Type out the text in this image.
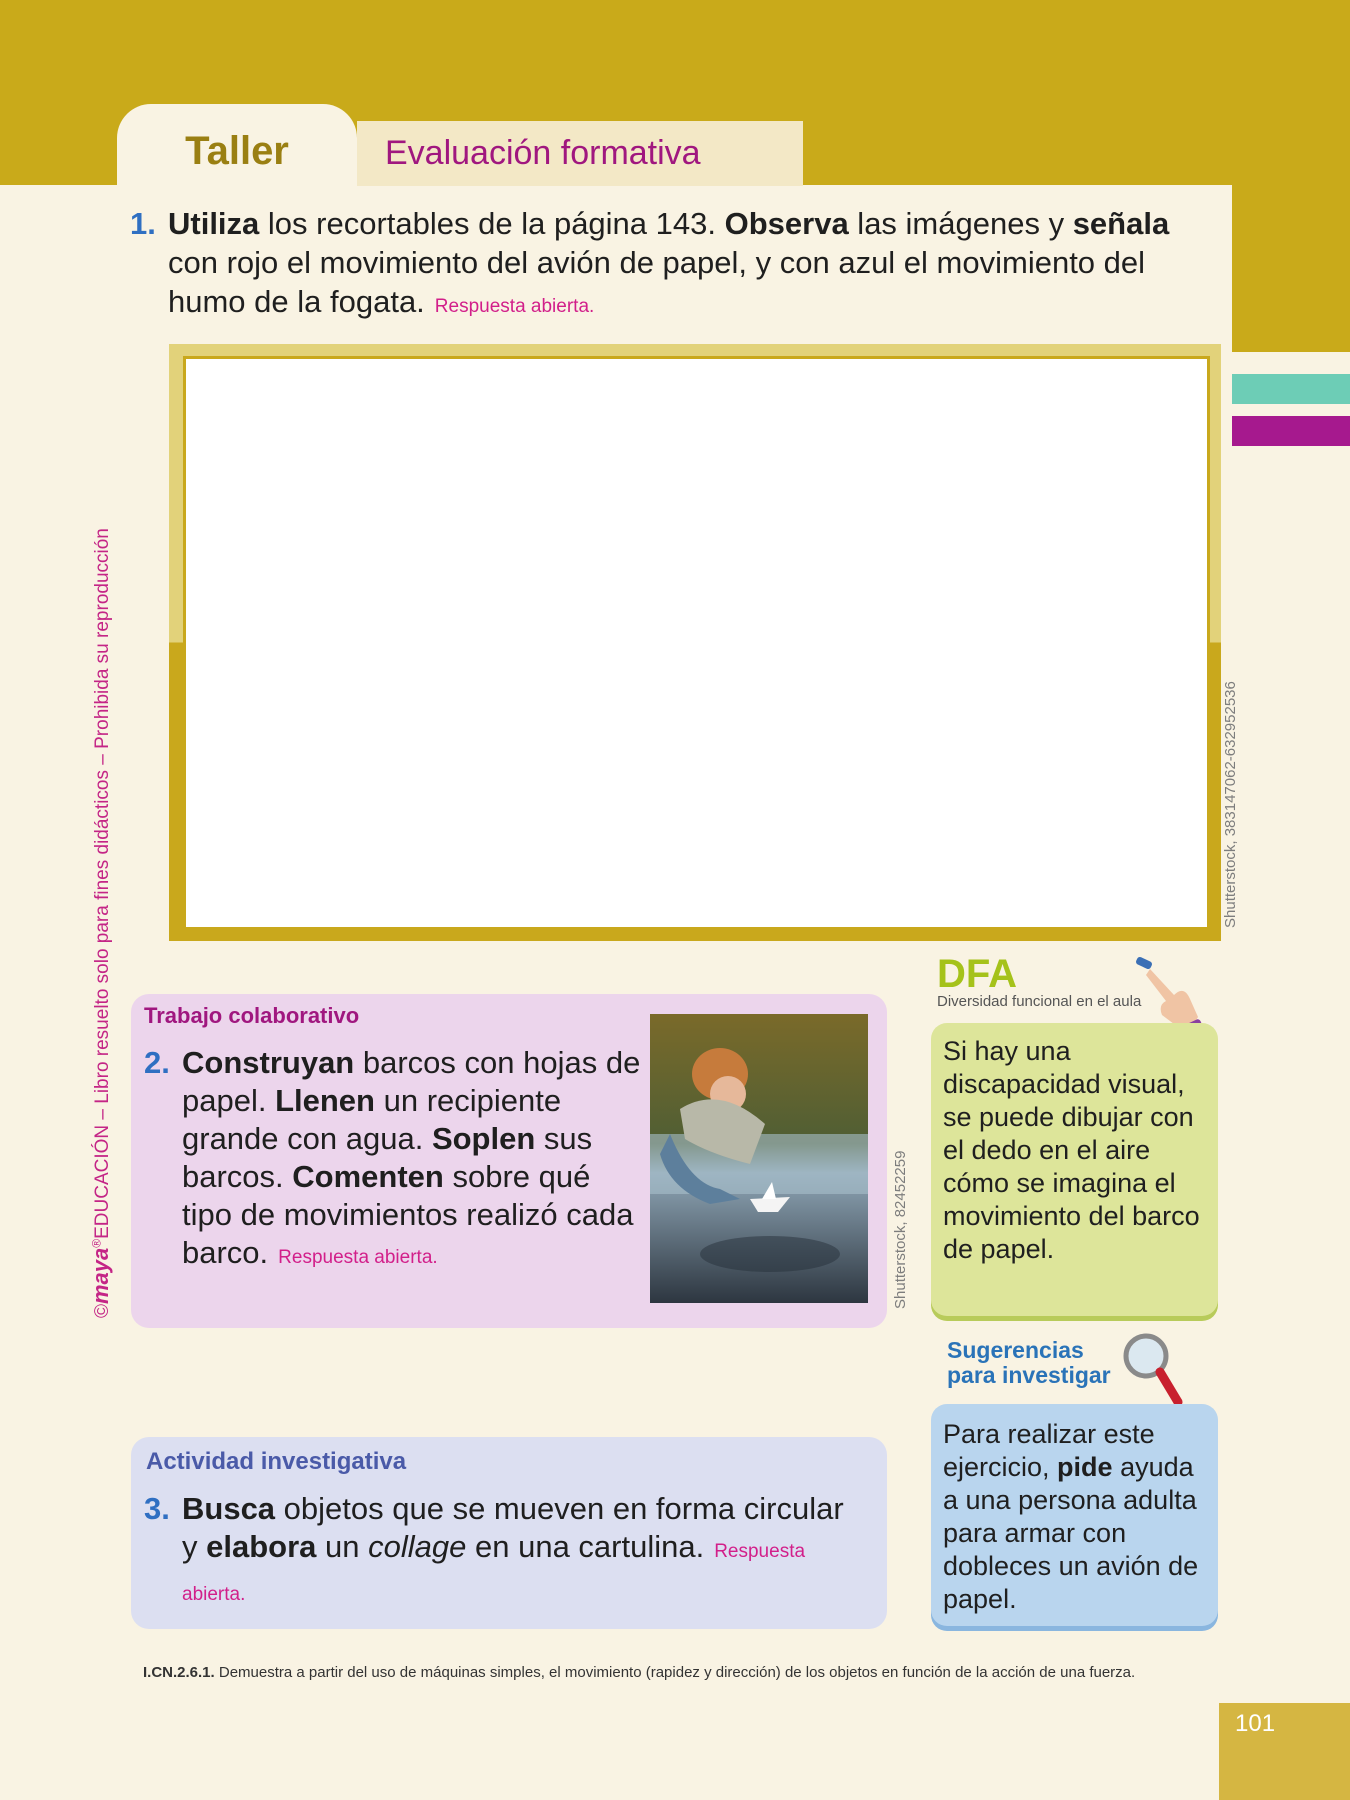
Taller	Evaluación formativa
©maya®EDUCACIÓN – Libro resuelto solo para fines didácticos – Prohibida su reproducción
1. Utiliza los recortables de la página 143. Observa las imágenes y señala con rojo el movimiento del avión de papel, y con azul el movimiento del humo de la fogata. Respuesta abierta.
Shutterstock, 383147062-632952536
Trabajo colaborativo
2. Construyan barcos con hojas de papel. Llenen un recipiente grande con agua. Soplen sus barcos. Comenten sobre qué tipo de movimientos realizó cada barco. Respuesta abierta.	Shutterstock, 82452259
DFA
Diversidad funcional en el aula
Si hay una discapacidad visual, se puede dibujar con el dedo en el aire cómo se imagina el movimiento del barco de papel.
Sugerencias
para investigar
Para realizar este ejercicio, pide ayuda a una persona adulta para armar con dobleces un avión de papel.
Actividad investigativa
3. Busca objetos que se mueven en forma circular y elabora un collage en una cartulina. Respuesta abierta.
I.CN.2.6.1. Demuestra a partir del uso de máquinas simples, el movimiento (rapidez y dirección) de los objetos en función de la acción de una fuerza.
101
